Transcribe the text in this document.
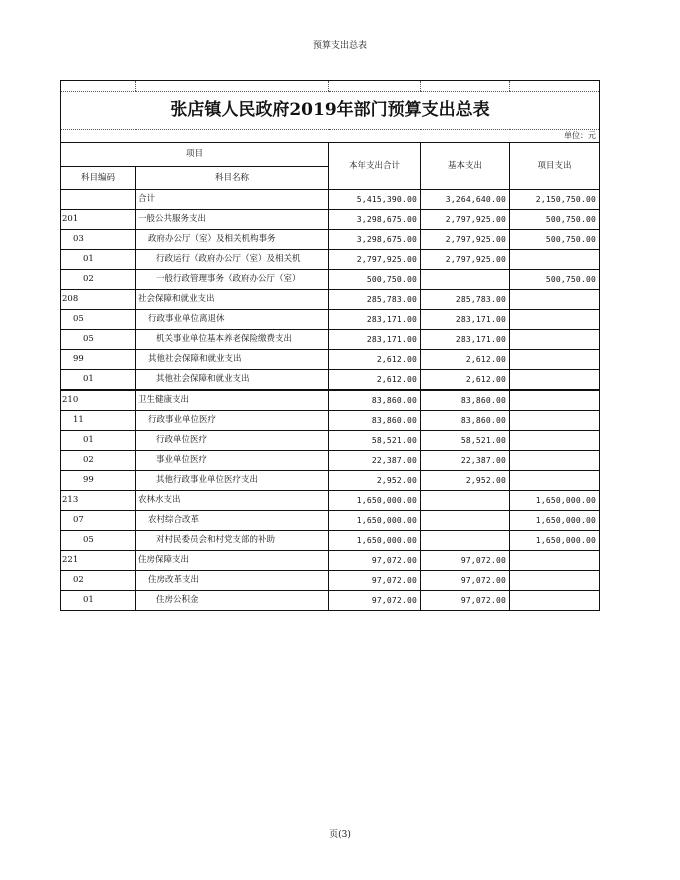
预算支出总表

张店镇人民政府2019年部门预算支出总表				
单位：元				
项目		本年支出合计	基本支出	项目支出
科目编码	科目名称			
	合计	5,415,390.00	3,264,640.00	2,150,750.00
201	一般公共服务支出	3,298,675.00	2,797,925.00	500,750.00
03	政府办公厅（室）及相关机构事务	3,298,675.00	2,797,925.00	500,750.00
01	行政运行（政府办公厅（室）及相关机	2,797,925.00	2,797,925.00	
02	一般行政管理事务（政府办公厅（室）	500,750.00		500,750.00
208	社会保障和就业支出	285,783.00	285,783.00	
05	行政事业单位离退休	283,171.00	283,171.00	
05	机关事业单位基本养老保险缴费支出	283,171.00	283,171.00	
99	其他社会保障和就业支出	2,612.00	2,612.00	
01	其他社会保障和就业支出	2,612.00	2,612.00	
210	卫生健康支出	83,860.00	83,860.00	
11	行政事业单位医疗	83,860.00	83,860.00	
01	行政单位医疗	58,521.00	58,521.00	
02	事业单位医疗	22,387.00	22,387.00	
99	其他行政事业单位医疗支出	2,952.00	2,952.00	
213	农林水支出	1,650,000.00		1,650,000.00
07	农村综合改革	1,650,000.00		1,650,000.00
05	对村民委员会和村党支部的补助	1,650,000.00		1,650,000.00
221	住房保障支出	97,072.00	97,072.00	
02	住房改革支出	97,072.00	97,072.00	
01	住房公积金	97,072.00	97,072.00	
页(3)
